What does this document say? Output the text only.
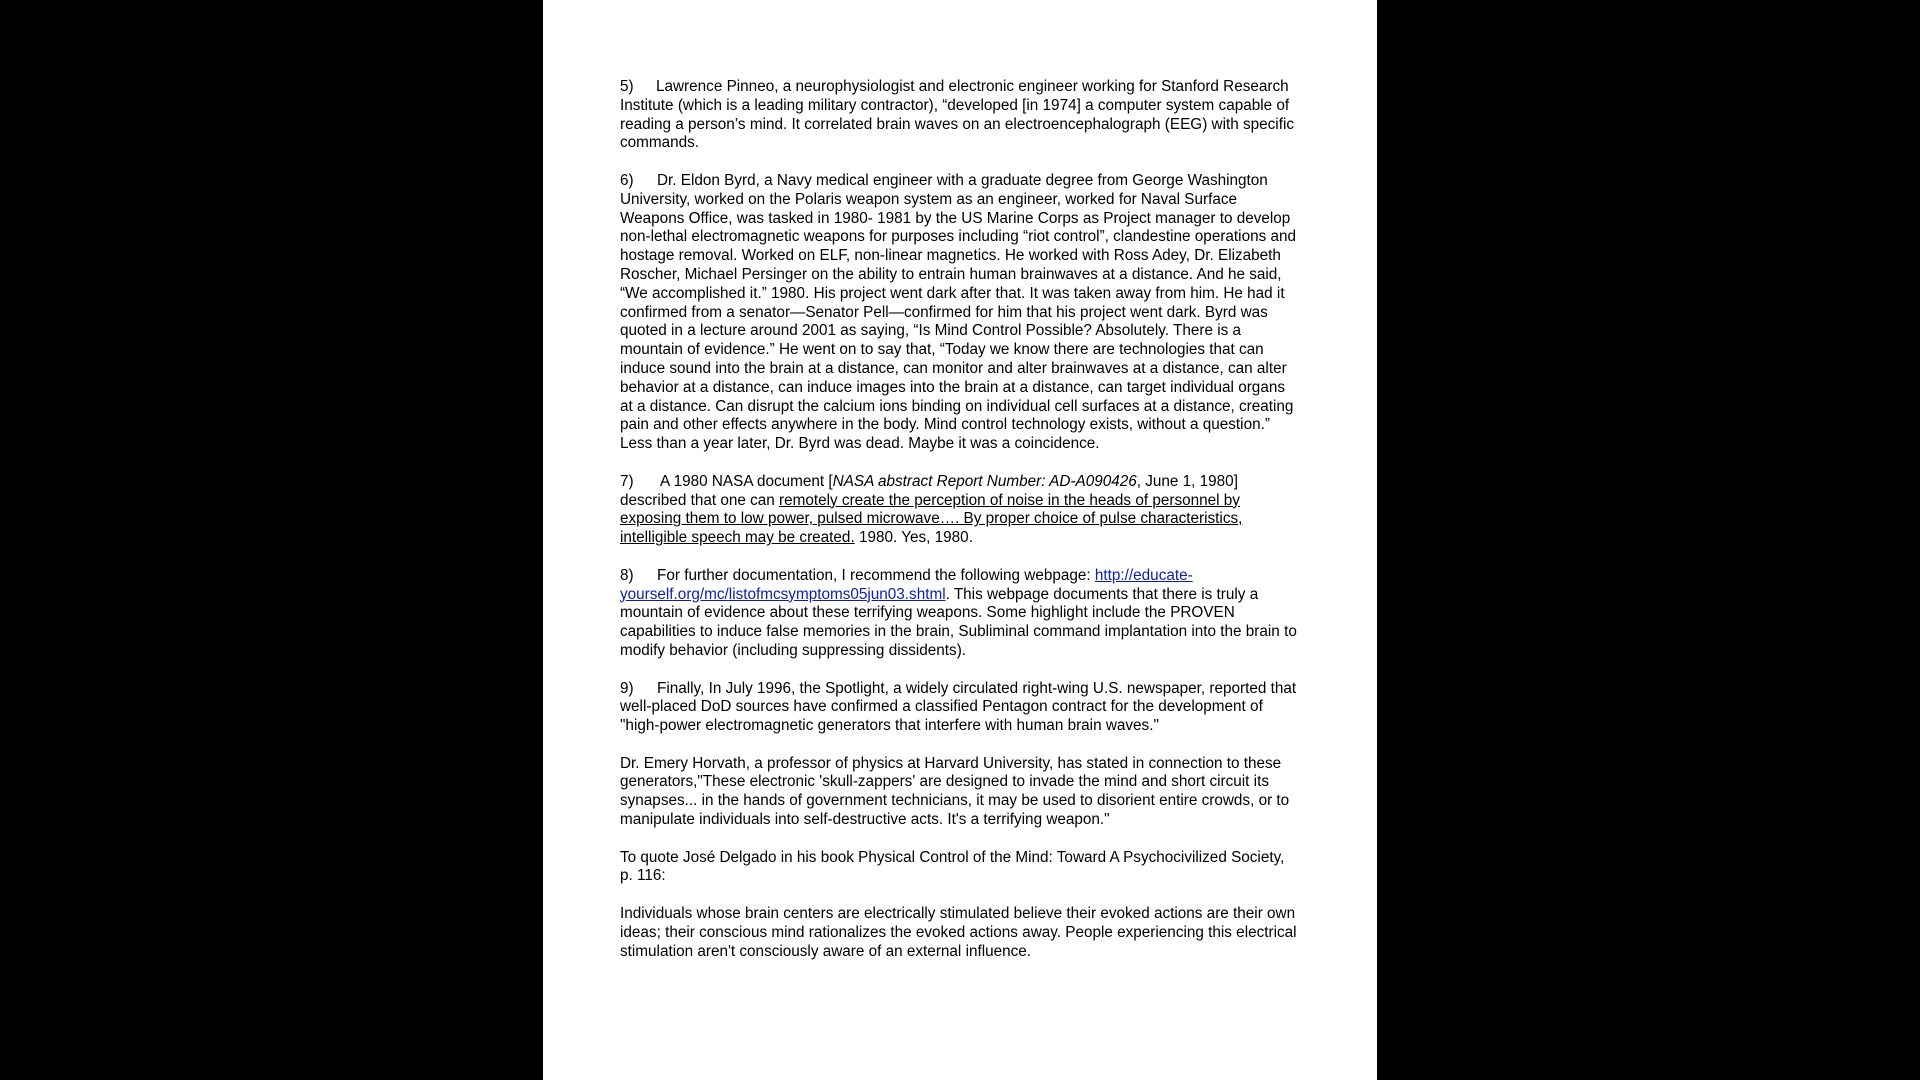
5) Lawrence Pinneo, a neurophysiologist and electronic engineer working for Stanford Research Institute (which is a leading military contractor), “developed [in 1974] a computer system capable of reading a person’s mind. It correlated brain waves on an electroencephalograph (EEG) with specific commands.

6) Dr. Eldon Byrd, a Navy medical engineer with a graduate degree from George Washington University, worked on the Polaris weapon system as an engineer, worked for Naval Surface Weapons Office, was tasked in 1980- 1981 by the US Marine Corps as Project manager to develop non-lethal electromagnetic weapons for purposes including “riot control”, clandestine operations and hostage removal. Worked on ELF, non-linear magnetics. He worked with Ross Adey, Dr. Elizabeth Roscher, Michael Persinger on the ability to entrain human brainwaves at a distance. And he said, “We accomplished it.” 1980. His project went dark after that. It was taken away from him. He had it confirmed from a senator—Senator Pell—confirmed for him that his project went dark. Byrd was quoted in a lecture around 2001 as saying, “Is Mind Control Possible? Absolutely. There is a mountain of evidence.” He went on to say that, “Today we know there are technologies that can induce sound into the brain at a distance, can monitor and alter brainwaves at a distance, can alter behavior at a distance, can induce images into the brain at a distance, can target individual organs at a distance. Can disrupt the calcium ions binding on individual cell surfaces at a distance, creating pain and other effects anywhere in the body. Mind control technology exists, without a question.” Less than a year later, Dr. Byrd was dead. Maybe it was a coincidence.

7) A 1980 NASA document [NASA abstract Report Number: AD-A090426, June 1, 1980] described that one can remotely create the perception of noise in the heads of personnel by exposing them to low power, pulsed microwave…. By proper choice of pulse characteristics, intelligible speech may be created. 1980. Yes, 1980.

8) For further documentation, I recommend the following webpage: http://educate-yourself.org/mc/listofmcsymptoms05jun03.shtml. This webpage documents that there is truly a mountain of evidence about these terrifying weapons. Some highlight include the PROVEN capabilities to induce false memories in the brain, Subliminal command implantation into the brain to modify behavior (including suppressing dissidents).

9) Finally, In July 1996, the Spotlight, a widely circulated right-wing U.S. newspaper, reported that well-placed DoD sources have confirmed a classified Pentagon contract for the development of "high-power electromagnetic generators that interfere with human brain waves."

Dr. Emery Horvath, a professor of physics at Harvard University, has stated in connection to these generators,"These electronic 'skull-zappers' are designed to invade the mind and short circuit its synapses... in the hands of government technicians, it may be used to disorient entire crowds, or to manipulate individuals into self-destructive acts. It's a terrifying weapon."

To quote José Delgado in his book Physical Control of the Mind: Toward A Psychocivilized Society, p. 116:

Individuals whose brain centers are electrically stimulated believe their evoked actions are their own ideas; their conscious mind rationalizes the evoked actions away. People experiencing this electrical stimulation aren't consciously aware of an external influence.
